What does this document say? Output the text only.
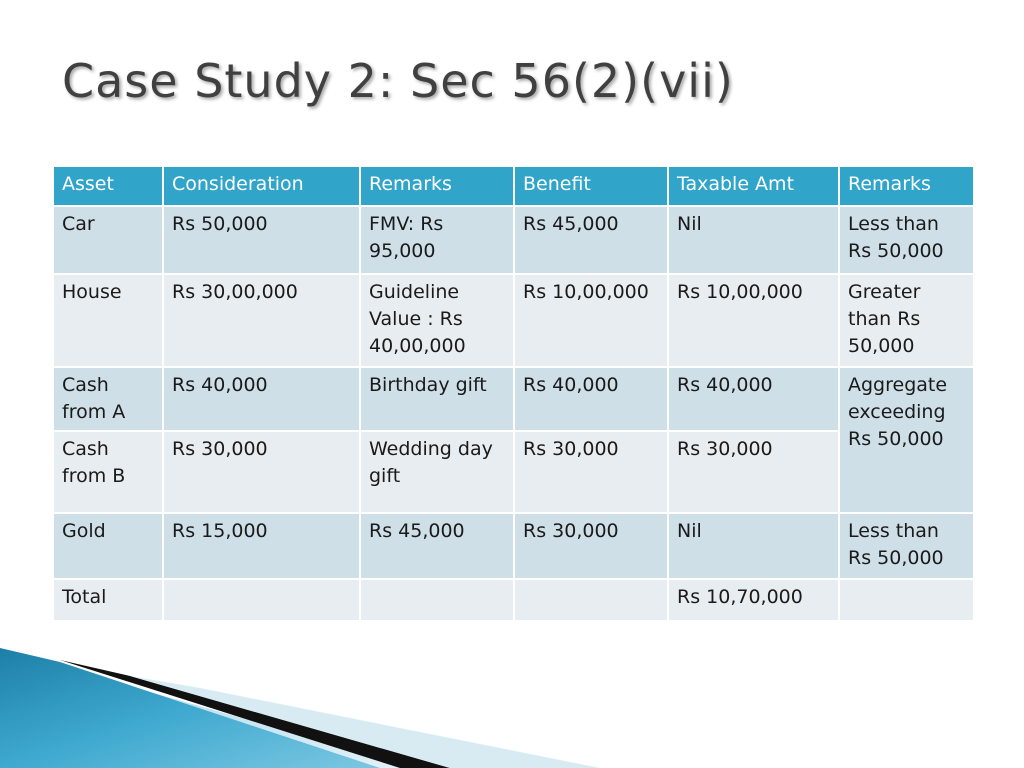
Case Study 2: Sec 56(2)(vii)
Asset	Consideration	Remarks	Benefit	Taxable Amt	Remarks
Car	Rs 50,000	FMV: Rs 95,000	Rs 45,000	Nil	Less than Rs 50,000
House	Rs 30,00,000	Guideline Value : Rs 40,00,000	Rs 10,00,000	Rs 10,00,000	Greater than Rs 50,000
Cash from A	Rs 40,000	Birthday gift	Rs 40,000	Rs 40,000	Aggregate exceeding Rs 50,000
Cash from B	Rs 30,000	Wedding day gift	Rs 30,000	Rs 30,000	
Gold	Rs 15,000	Rs 45,000	Rs 30,000	Nil	Less than Rs 50,000
Total				Rs 10,70,000	
